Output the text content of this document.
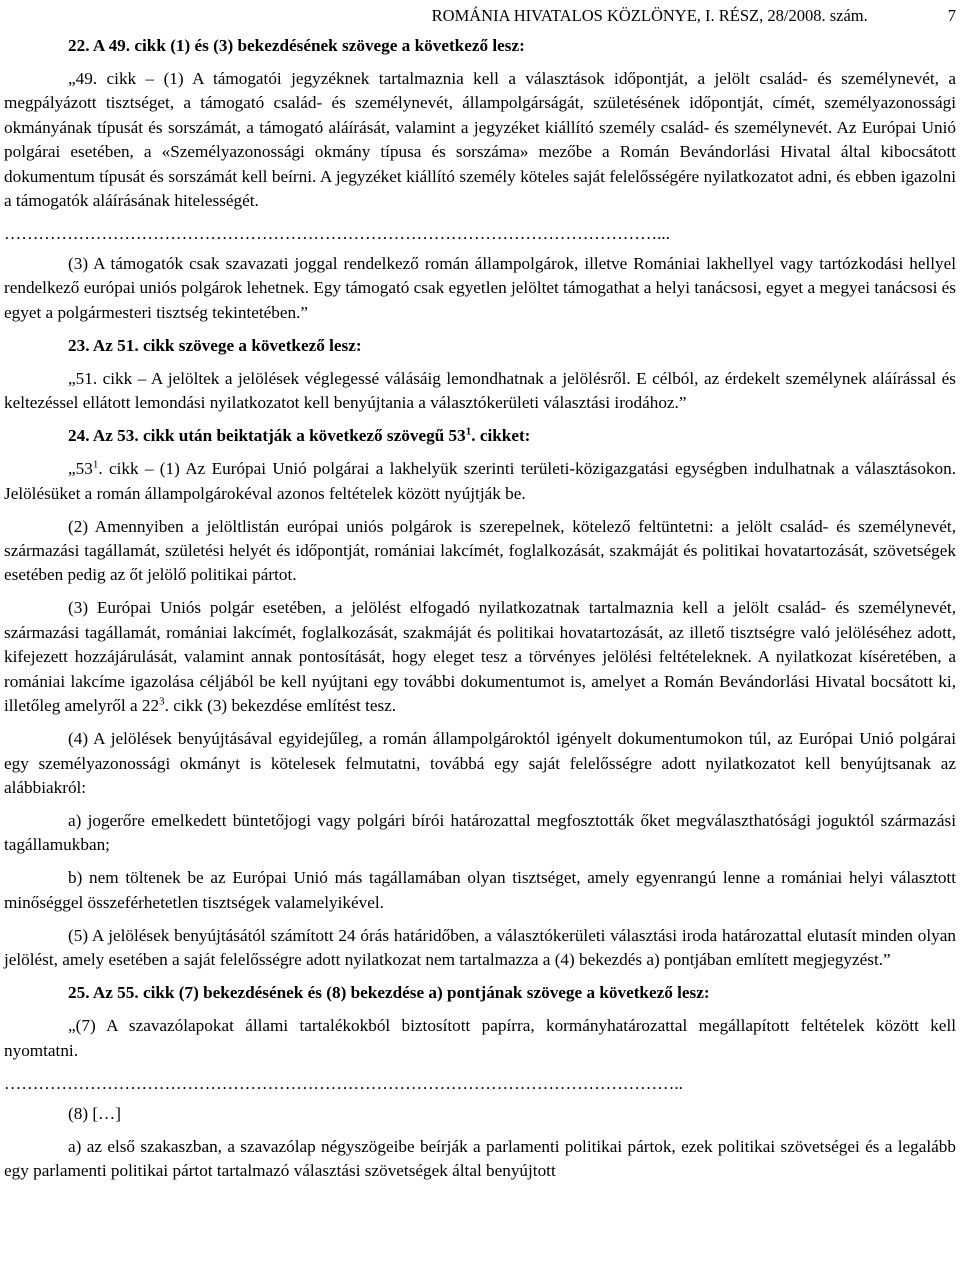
ROMÁNIA HIVATALOS KÖZLÖNYE, I. RÉSZ, 28/2008. szám.	7

22. A 49. cikk (1) és (3) bekezdésének szövege a következő lesz:

„49. cikk – (1) A támogatói jegyzéknek tartalmaznia kell a választások időpontját, a jelölt család- és személynevét, a megpályázott tisztséget, a támogató család- és személynevét, állampolgárságát, születésének időpontját, címét, személyazonossági okmányának típusát és sorszámát, a támogató aláírását, valamint a jegyzéket kiállító személy család- és személynevét. Az Európai Unió polgárai esetében, a «Személyazonossági okmány típusa és sorszáma» mezőbe a Román Bevándorlási Hivatal által kibocsátott dokumentum típusát és sorszámát kell beírni. A jegyzéket kiállító személy köteles saját felelősségére nyilatkozatot adni, és ebben igazolni a támogatók aláírásának hitelességét.

……………………………………………………………………………………………………...

(3) A támogatók csak szavazati joggal rendelkező román állampolgárok, illetve Romániai lakhellyel vagy tartózkodási hellyel rendelkező európai uniós polgárok lehetnek. Egy támogató csak egyetlen jelöltet támogathat a helyi tanácsosi, egyet a megyei tanácsosi és egyet a polgármesteri tisztség tekintetében.”

23. Az 51. cikk szövege a következő lesz:

„51. cikk – A jelöltek a jelölések véglegessé válásáig lemondhatnak a jelölésről. E célból, az érdekelt személynek aláírással és keltezéssel ellátott lemondási nyilatkozatot kell benyújtania a választókerületi választási irodához.”

24. Az 53. cikk után beiktatják a következő szövegű $53^1$. cikket:

$„53^1$. cikk – (1) Az Európai Unió polgárai a lakhelyük szerinti területi-közigazgatási egységben indulhatnak a választásokon. Jelölésüket a román állampolgárokéval azonos feltételek között nyújtják be.

(2) Amennyiben a jelöltlistán európai uniós polgárok is szerepelnek, kötelező feltüntetni: a jelölt család- és személynevét, származási tagállamát, születési helyét és időpontját, romániai lakcímét, foglalkozását, szakmáját és politikai hovatartozását, szövetségek esetében pedig az őt jelölő politikai pártot.

(3) Európai Uniós polgár esetében, a jelölést elfogadó nyilatkozatnak tartalmaznia kell a jelölt család- és személynevét, származási tagállamát, romániai lakcímét, foglalkozását, szakmáját és politikai hovatartozását, az illető tisztségre való jelöléséhez adott, kifejezett hozzájárulását, valamint annak pontosítását, hogy eleget tesz a törvényes jelölési feltételeknek. A nyilatkozat kíséretében, a romániai lakcíme igazolása céljából be kell nyújtani egy további dokumentumot is, amelyet a Román Bevándorlási Hivatal bocsátott ki, illetőleg amelyről a $22^3$. cikk (3) bekezdése említést tesz.

(4) A jelölések benyújtásával egyidejűleg, a román állampolgároktól igényelt dokumentumokon túl, az Európai Unió polgárai egy személyazonossági okmányt is kötelesek felmutatni, továbbá egy saját felelősségre adott nyilatkozatot kell benyújtsanak az alábbiakról:

a) jogerőre emelkedett büntetőjogi vagy polgári bírói határozattal megfosztották őket megválaszthatósági joguktól származási tagállamukban;

b) nem töltenek be az Európai Unió más tagállamában olyan tisztséget, amely egyenrangú lenne a romániai helyi választott minőséggel összeférhetetlen tisztségek valamelyikével.

(5) A jelölések benyújtásától számított 24 órás határidőben, a választókerületi választási iroda határozattal elutasít minden olyan jelölést, amely esetében a saját felelősségre adott nyilatkozat nem tartalmazza a (4) bekezdés a) pontjában említett megjegyzést.”

25. Az 55. cikk (7) bekezdésének és (8) bekezdése a) pontjának szövege a következő lesz:

„(7) A szavazólapokat állami tartalékokból biztosított papírra, kormányhatározattal megállapított feltételek között kell nyomtatni.

………………………………………………………………………………………………………..

(8) […]

a) az első szakaszban, a szavazólap négyszögeibe beírják a parlamenti politikai pártok, ezek politikai szövetségei és a legalább egy parlamenti politikai pártot tartalmazó választási szövetségek által benyújtott
